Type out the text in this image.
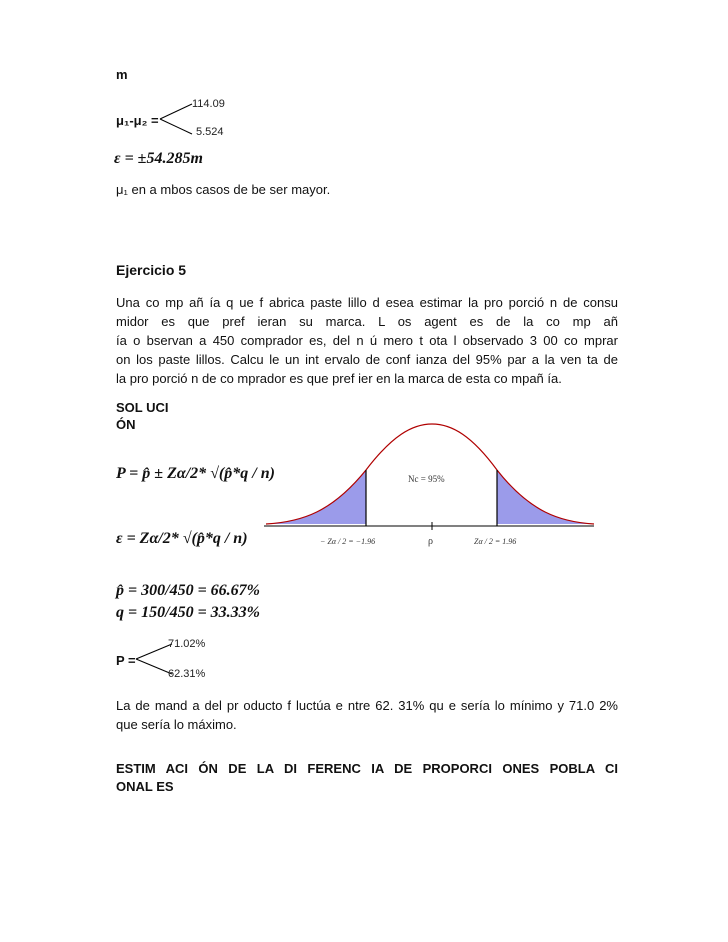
m
μ₁-μ₂ =
114.09
5.524
ε = ±54.285m
μ₁ en a mbos casos de be ser mayor.
Ejercicio 5
Una co mp añ ía q ue f abrica paste lillo d esea estimar la pro porció n de consu
midor es que pref ieran su marca. L os agent es de la co mp añ
ía o bservan a 450 comprador es, del n ú mero t ota l observado 3 00 co mprar
on los paste lillos. Calcu le un int ervalo de conf ianza del 95% par a la ven ta de
la pro porció n de co mprador es que pref ier en la marca de esta co mpañ ía.
SOL UCI
ÓN
P = p̂ ± Zα/2* √(p̂*q / n)
ε = Zα/2* √(p̂*q / n)
p̂ = 300/450 = 66.67%
q = 150/450 = 33.33%
Nc = 95%
− Zα / 2 = −1.96	ρ	Zα / 2 = 1.96
P =
71.02%
62.31%
La de mand a del pr oducto f luctúa e ntre 62. 31% qu e sería lo mínimo y 71.0 2%
que sería lo máximo.
ESTIM ACI ÓN DE LA DI FERENC IA DE PROPORCI ONES POBLA CI
ONAL ES
